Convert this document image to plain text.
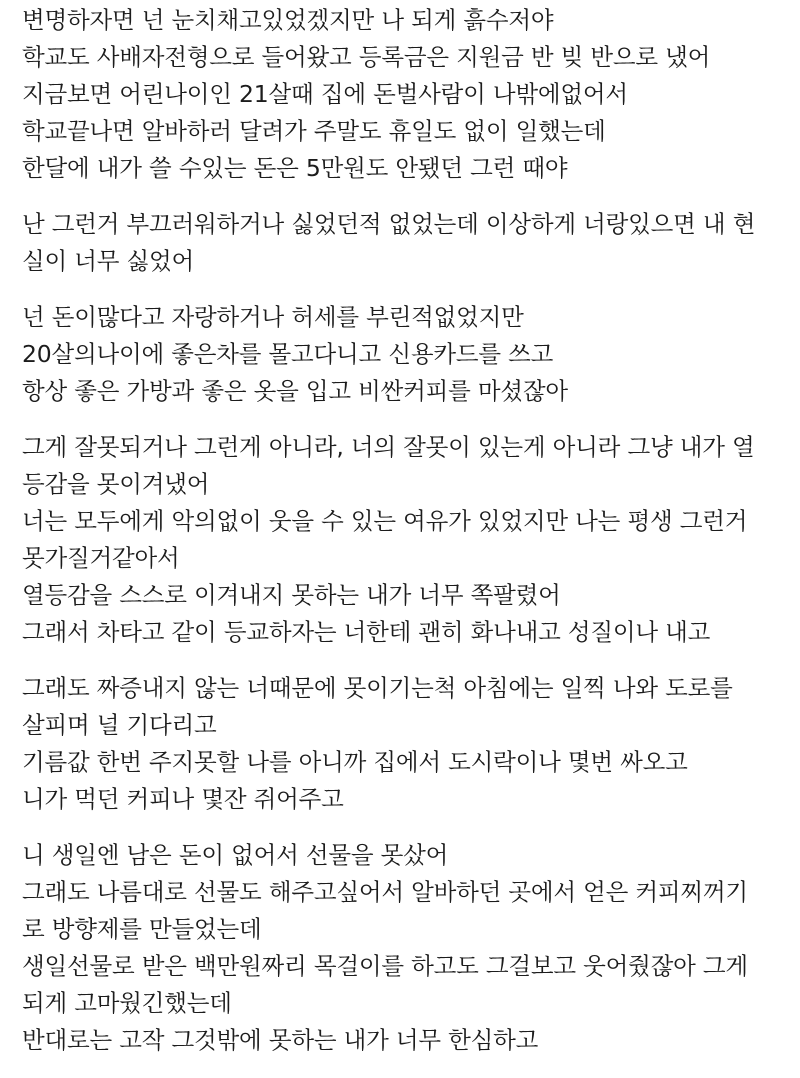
변명하자면 넌 눈치채고있었겠지만 나 되게 흙수저야
학교도 사배자전형으로 들어왔고 등록금은 지원금 반 빚 반으로 냈어
지금보면 어린나이인 21살때 집에 돈벌사람이 나밖에없어서
학교끝나면 알바하러 달려가 주말도 휴일도 없이 일했는데
한달에 내가 쓸 수있는 돈은 5만원도 안됐던 그런 때야
난 그런거 부끄러워하거나 싫었던적 없었는데 이상하게 너랑있으면 내 현
실이 너무 싫었어
넌 돈이많다고 자랑하거나 허세를 부린적없었지만
20살의나이에 좋은차를 몰고다니고 신용카드를 쓰고
항상 좋은 가방과 좋은 옷을 입고 비싼커피를 마셨잖아
그게 잘못되거나 그런게 아니라, 너의 잘못이 있는게 아니라 그냥 내가 열
등감을 못이겨냈어
너는 모두에게 악의없이 웃을 수 있는 여유가 있었지만 나는 평생 그런거
못가질거같아서
열등감을 스스로 이겨내지 못하는 내가 너무 쪽팔렸어
그래서 차타고 같이 등교하자는 너한테 괜히 화나내고 성질이나 내고
그래도 짜증내지 않는 너때문에 못이기는척 아침에는 일찍 나와 도로를
살피며 널 기다리고
기름값 한번 주지못할 나를 아니까 집에서 도시락이나 몇번 싸오고
니가 먹던 커피나 몇잔 쥐어주고
니 생일엔 남은 돈이 없어서 선물을 못샀어
그래도 나름대로 선물도 해주고싶어서 알바하던 곳에서 얻은 커피찌꺼기
로 방향제를 만들었는데
생일선물로 받은 백만원짜리 목걸이를 하고도 그걸보고 웃어줬잖아 그게
되게 고마웠긴했는데
반대로는 고작 그것밖에 못하는 내가 너무 한심하고
